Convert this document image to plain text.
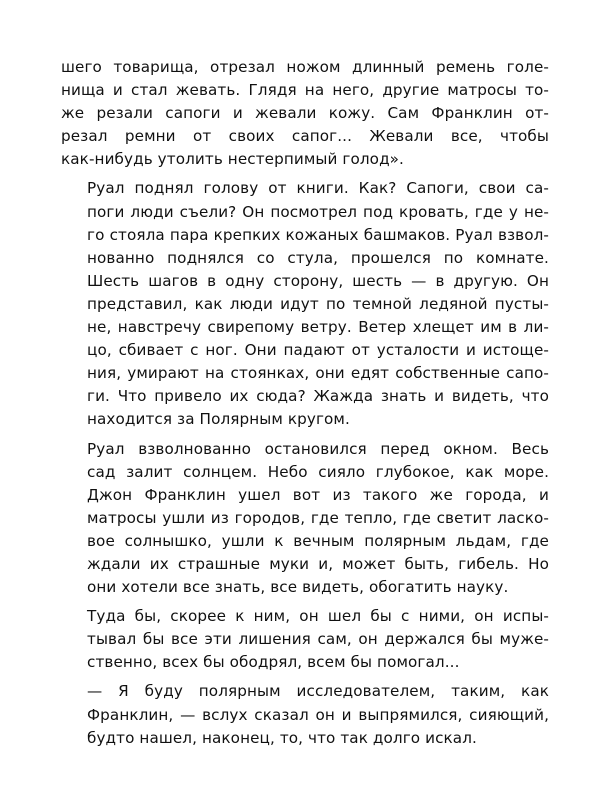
шего товарища, отрезал ножом длинный ремень голе-
нища и стал жевать. Глядя на него, другие матросы то-
же резали сапоги и жевали кожу. Сам Франклин от-
резал ремни от своих сапог... Жевали все, чтобы
как-нибудь утолить нестерпимый голод».

Руал поднял голову от книги. Как? Сапоги, свои са-
поги люди съели? Он посмотрел под кровать, где у не-
го стояла пара крепких кожаных башмаков. Руал взвол-
нованно поднялся со стула, прошелся по комнате.
Шесть шагов в одну сторону, шесть — в другую. Он
представил, как люди идут по темной ледяной пусты-
не, навстречу свирепому ветру. Ветер хлещет им в ли-
цо, сбивает с ног. Они падают от усталости и истоще-
ния, умирают на стоянках, они едят собственные сапо-
ги. Что привело их сюда? Жажда знать и видеть, что
находится за Полярным кругом.

Руал взволнованно остановился перед окном. Весь
сад залит солнцем. Небо сияло глубокое, как море.
Джон Франклин ушел вот из такого же города, и
матросы ушли из городов, где тепло, где светит ласко-
вое солнышко, ушли к вечным полярным льдам, где
ждали их страшные муки и, может быть, гибель. Но
они хотели все знать, все видеть, обогатить науку.

Туда бы, скорее к ним, он шел бы с ними, он испы-
тывал бы все эти лишения сам, он держался бы муже-
ственно, всех бы ободрял, всем бы помогал...

— Я буду полярным исследователем, таким, как
Франклин, — вслух сказал он и выпрямился, сияющий,
будто нашел, наконец, то, что так долго искал.
